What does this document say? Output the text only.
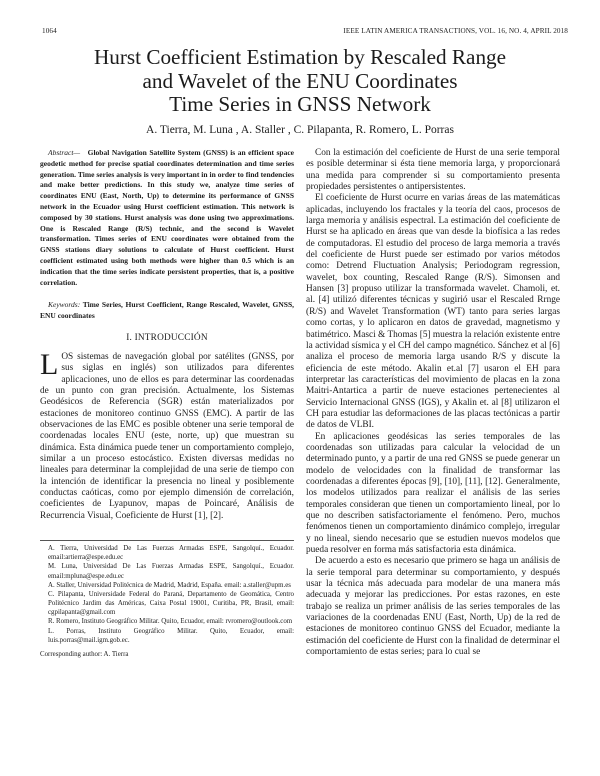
1064	IEEE LATIN AMERICA TRANSACTIONS, VOL. 16, NO. 4, APRIL 2018
Hurst Coefficient Estimation by Rescaled Range
and Wavelet of the ENU Coordinates
Time Series in GNSS Network
A. Tierra, M. Luna , A. Staller , C. Pilapanta, R. Romero, L. Porras

Abstract— Global Navigation Satellite System (GNSS) is an efficient space geodetic method for precise spatial coordinates determination and time series generation. Time series analysis is very important in in order to find tendencies and make better predictions. In this study we, analyze time series of coordinates ENU (East, North, Up) to determine its performance of GNSS network in the Ecuador using Hurst coefficient estimation. This network is composed by 30 stations. Hurst analysis was done using two approximations. One is Rescaled Range (R/S) technic, and the second is Wavelet transformation. Times series of ENU coordinates were obtained from the GNSS stations diary solutions to calculate of Hurst coefficient. Hurst coefficient estimated using both methods were higher than 0.5 which is an indication that the time series indicate persistent properties, that is, a positive correlation.

Keywords: Time Series, Hurst Coefficient, Range Rescaled, Wavelet, GNSS, ENU coordinates

I. INTRODUCCIÓN

LOS sistemas de navegación global por satélites (GNSS, por sus siglas en inglés) son utilizados para diferentes aplicaciones, uno de ellos es para determinar las coordenadas de un punto con gran precisión. Actualmente, los Sistemas Geodésicos de Referencia (SGR) están materializados por estaciones de monitoreo continuo GNSS (EMC). A partir de las observaciones de las EMC es posible obtener una serie temporal de coordenadas locales ENU (este, norte, up) que muestran su dinámica. Esta dinámica puede tener un comportamiento complejo, similar a un proceso estocástico. Existen diversas medidas no lineales para determinar la complejidad de una serie de tiempo con la intención de identificar la presencia no lineal y posiblemente conductas caóticas, como por ejemplo dimensión de correlación, coeficientes de Lyapunov, mapas de Poincaré, Análisis de Recurrencia Visual, Coeficiente de Hurst [1], [2].

A. Tierra, Universidad De Las Fuerzas Armadas ESPE, Sangolquí., Ecuador. email:artierra@espe.edu.ec

M. Luna, Universidad De Las Fuerzas Armadas ESPE, Sangolquí., Ecuador. email:mpluna@espe.edu.ec

A. Staller, Universidad Politécnica de Madrid, Madrid, España. email: a.staller@upm.es

C. Pilapanta, Universidade Federal do Paraná, Departamento de Geomática, Centro Politécnico Jardim das Américas, Caixa Postal 19001, Curitiba, PR, Brasil, email: cgpilapanta@gmail.com

R. Romero, Instituto Geográfico Militar. Quito, Ecuador, email: rvromero@outlook.com

L. Porras, Instituto Geográfico Militar. Quito, Ecuador, email: luis.porras@mail.igm.gob.ec.

Corresponding author: A. Tierra

Con la estimación del coeficiente de Hurst de una serie temporal es posible determinar si ésta tiene memoria larga, y proporcionará una medida para comprender si su comportamiento presenta propiedades persistentes o antipersistentes.

El coeficiente de Hurst ocurre en varias áreas de las matemáticas aplicadas, incluyendo los fractales y la teoría del caos, procesos de larga memoria y análisis espectral. La estimación del coeficiente de Hurst se ha aplicado en áreas que van desde la biofísica a las redes de computadoras. El estudio del proceso de larga memoria a través del coeficiente de Hurst puede ser estimado por varios métodos como: Detrend Fluctuation Analysis; Periodogram regression, wavelet, box counting, Rescaled Range (R/S). Simonsen and Hansen [3] propuso utilizar la transformada wavelet. Chamoli, et. al. [4] utilizó diferentes técnicas y sugirió usar el Rescaled Rrnge (R/S) and Wavelet Transformation (WT) tanto para series largas como cortas, y lo aplicaron en datos de gravedad, magnetismo y batimétrico. Masci & Thomas [5] muestra la relación existente entre la actividad sísmica y el CH del campo magnético. Sánchez et al [6] analiza el proceso de memoria larga usando R/S y discute la eficiencia de este método. Akalin et.al [7] usaron el EH para interpretar las características del movimiento de placas en la zona Maitri-Antartica a partir de nueve estaciones pertenecientes al Servicio Internacional GNSS (IGS), y Akalin et. al [8] utilizaron el CH para estudiar las deformaciones de las placas tectónicas a partir de datos de VLBI.

En aplicaciones geodésicas las series temporales de las coordenadas son utilizadas para calcular la velocidad de un determinado punto, y a partir de una red GNSS se puede generar un modelo de velocidades con la finalidad de transformar las coordenadas a diferentes épocas [9], [10], [11], [12]. Generalmente, los modelos utilizados para realizar el análisis de las series temporales consideran que tienen un comportamiento lineal, por lo que no describen satisfactoriamente el fenómeno. Pero, muchos fenómenos tienen un comportamiento dinámico complejo, irregular y no lineal, siendo necesario que se estudien nuevos modelos que pueda resolver en forma más satisfactoria esta dinámica.

De acuerdo a esto es necesario que primero se haga un análisis de la serie temporal para determinar su comportamiento, y después usar la técnica más adecuada para modelar de una manera más adecuada y mejorar las predicciones. Por estas razones, en este trabajo se realiza un primer análisis de las series temporales de las variaciones de la coordenadas ENU (East, North, Up) de la red de estaciones de monitoreo continuo GNSS del Ecuador, mediante la estimación del coeficiente de Hurst con la finalidad de determinar el comportamiento de estas series; para lo cual se
